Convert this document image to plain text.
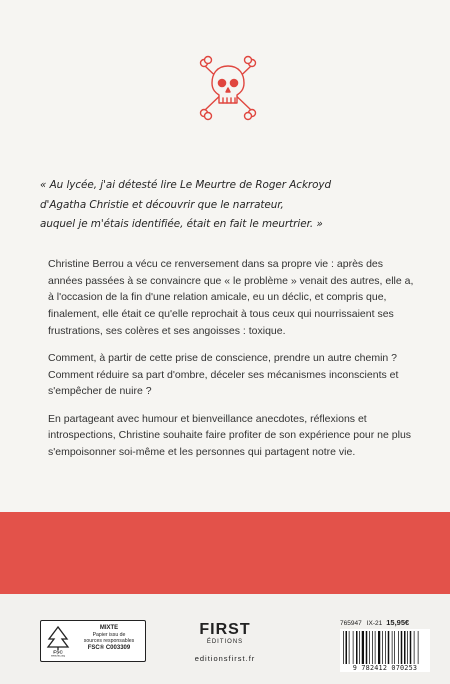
« Au lycée, j'ai détesté lire Le Meurtre de Roger Ackroyd
d'Agatha Christie et découvrir que le narrateur,
auquel je m'étais identifiée, était en fait le meurtrier. »

Christine Berrou a vécu ce renversement dans sa propre vie : après des années passées à se convaincre que « le problème » venait des autres, elle a, à l'occasion de la fin d'une relation amicale, eu un déclic, et compris que, finalement, elle était ce qu'elle reprochait à tous ceux qui nourrissaient ses frustrations, ses colères et ses angoisses : toxique.

Comment, à partir de cette prise de conscience, prendre un autre chemin ? Comment réduire sa part d'ombre, déceler ses mécanismes inconscients et s'empêcher de nuire ?

En partageant avec humour et bienveillance anecdotes, réflexions et introspections, Christine souhaite faire profiter de son expérience pour ne plus s'empoisonner soi-même et les personnes qui partagent notre vie.

FSC
www.fsc.org
MIXTE
Papier issu de
sources responsables
FSC® C003309
FIRST
ÉDITIONS
editionsfirst.fr
765947 IX-21 15,95€
9 782412 070253
